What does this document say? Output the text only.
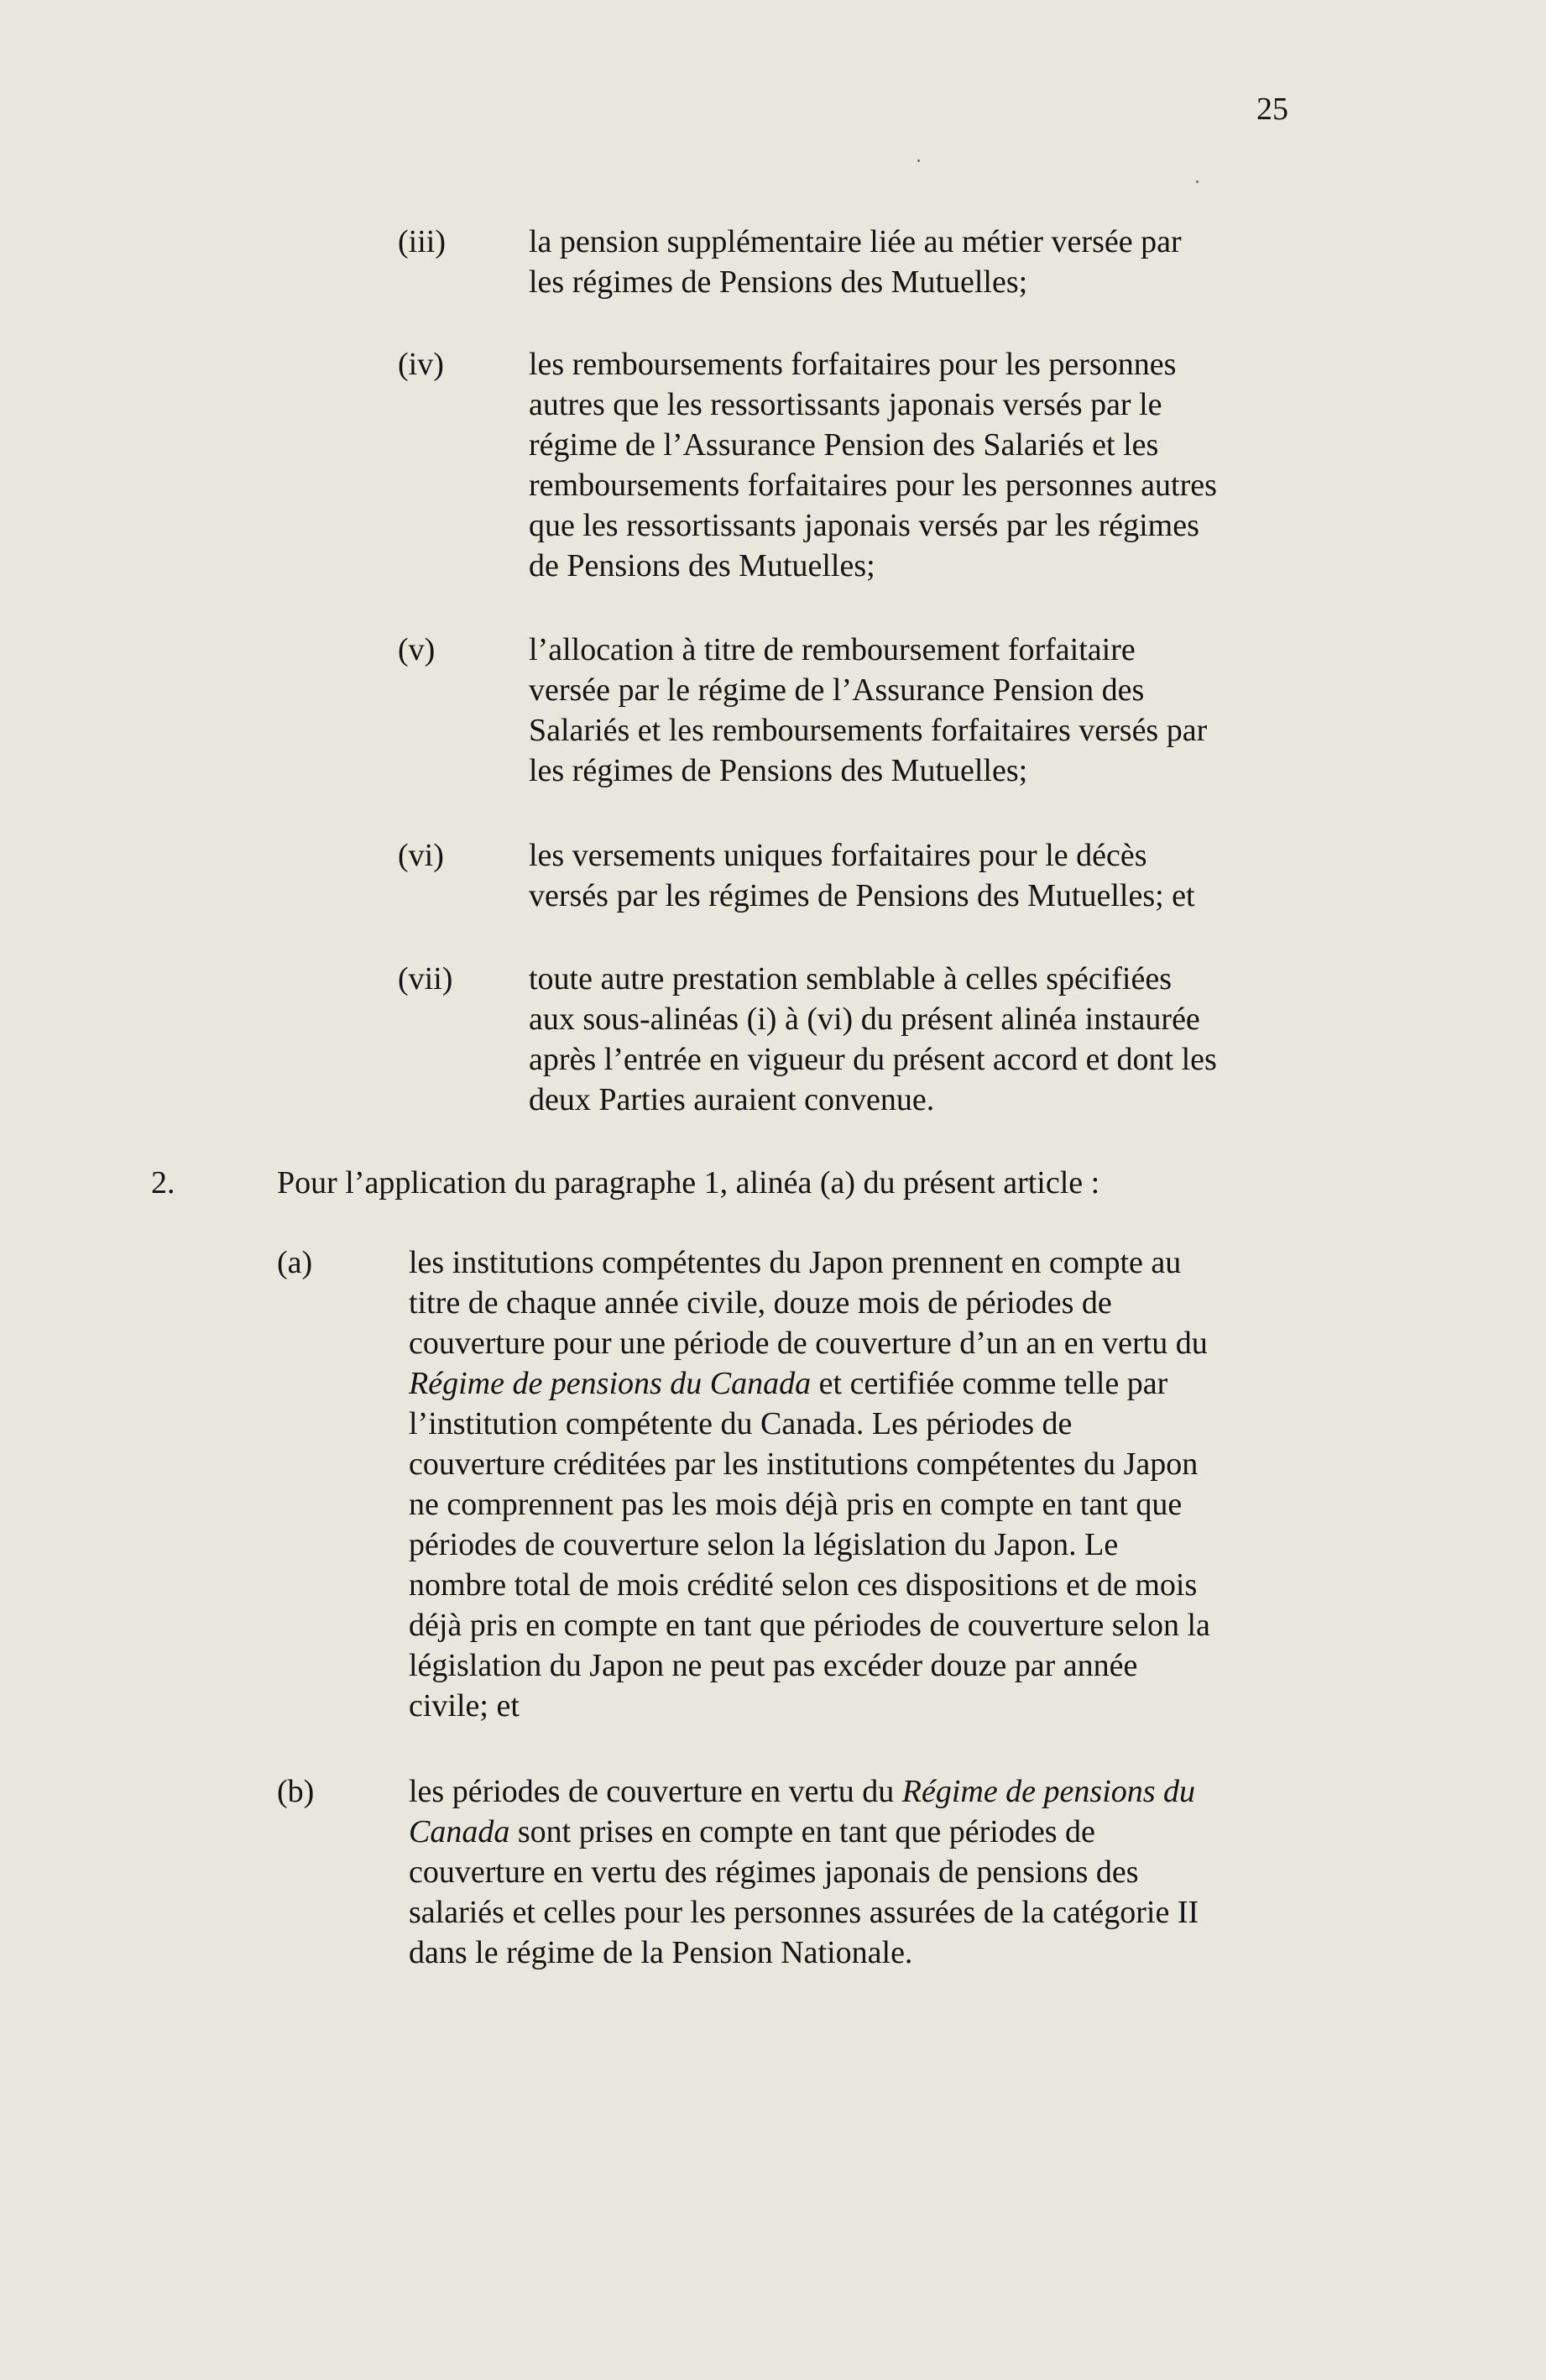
25
(iii)	la pension supplémentaire liée au métier versée par
les régimes de Pensions des Mutuelles;
(iv)	les remboursements forfaitaires pour les personnes
autres que les ressortissants japonais versés par le
régime de l’Assurance Pension des Salariés et les
remboursements forfaitaires pour les personnes autres
que les ressortissants japonais versés par les régimes
de Pensions des Mutuelles;
(v)	l’allocation à titre de remboursement forfaitaire
versée par le régime de l’Assurance Pension des
Salariés et les remboursements forfaitaires versés par
les régimes de Pensions des Mutuelles;
(vi)	les versements uniques forfaitaires pour le décès
versés par les régimes de Pensions des Mutuelles; et
(vii) toute autre prestation semblable à celles spécifiées
aux sous-alinéas (i) à (vi) du présent alinéa instaurée
après l’entrée en vigueur du présent accord et dont les
deux Parties auraient convenue.
2.	Pour l’application du paragraphe 1, alinéa (a) du présent article :
(a)	les institutions compétentes du Japon prennent en compte au
titre de chaque année civile, douze mois de périodes de
couverture pour une période de couverture d’un an en vertu du
Régime de pensions du Canada et certifiée comme telle par
l’institution compétente du Canada. Les périodes de
couverture créditées par les institutions compétentes du Japon
ne comprennent pas les mois déjà pris en compte en tant que
périodes de couverture selon la législation du Japon. Le
nombre total de mois crédité selon ces dispositions et de mois
déjà pris en compte en tant que périodes de couverture selon la
législation du Japon ne peut pas excéder douze par année
civile; et
(b)	les périodes de couverture en vertu du Régime de pensions du
Canada sont prises en compte en tant que périodes de
couverture en vertu des régimes japonais de pensions des
salariés et celles pour les personnes assurées de la catégorie II
dans le régime de la Pension Nationale.
